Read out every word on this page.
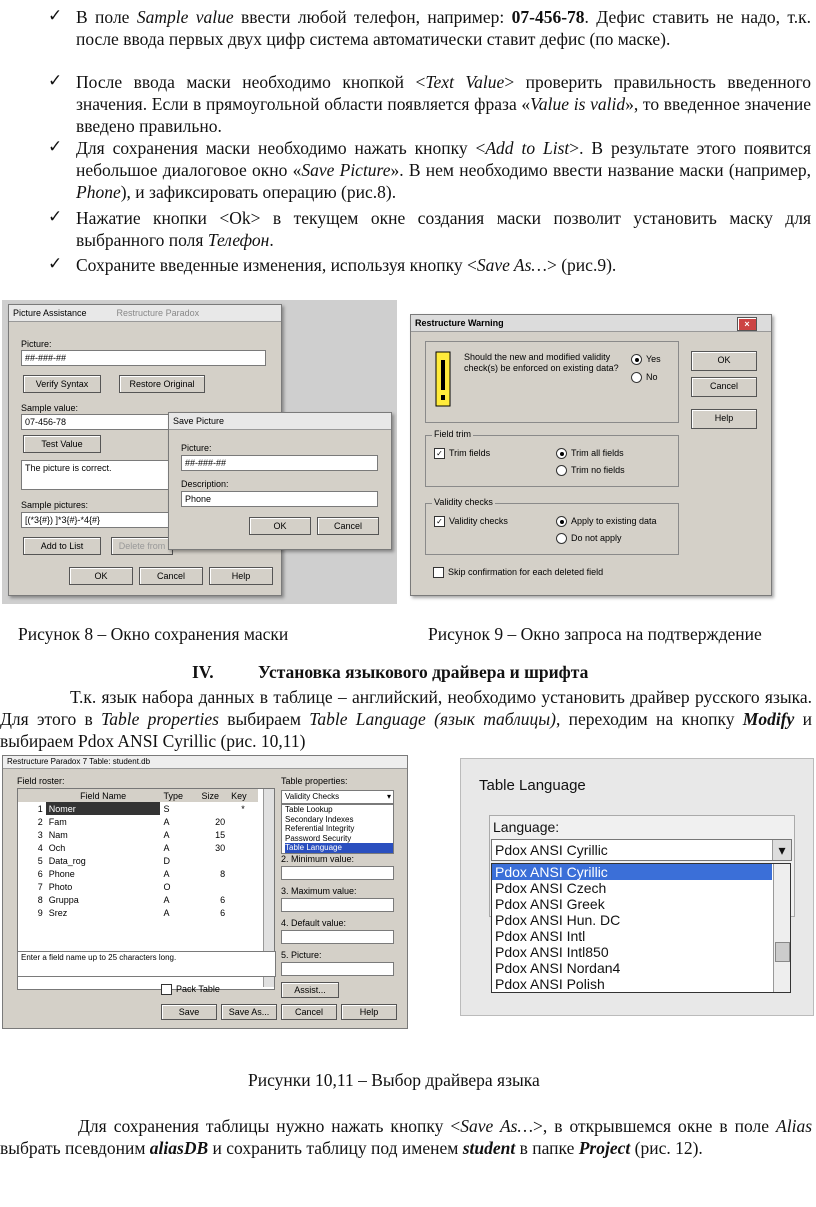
✓ В поле Sample value ввести любой телефон, например: 07-456-78. Дефис ставить не надо, т.к. после ввода первых двух цифр система автоматически ставит дефис (по маске).
✓ После ввода маски необходимо кнопкой <Text Value> проверить правильность введенного значения. Если в прямоугольной области появляется фраза «Value is valid», то введенное значение введено правильно.
✓ Для сохранения маски необходимо нажать кнопку <Add to List>. В результате этого появится небольшое диалоговое окно «Save Picture». В нем необходимо ввести название маски (например, Phone), и зафиксировать операцию (рис.8).
✓ Нажатие кнопки <Ok> в текущем окне создания маски позволит установить маску для выбранного поля Телефон.
✓ Сохраните введенные изменения, используя кнопку <Save As…> (рис.9).
Picture Assistance	Restructure Paradox
Picture:
##-###-##
Verify Syntax	Restore Original
Sample value:
07-456-78
Test Value
The picture is correct.
Sample pictures:
[(*3{#}) ]*3{#}-*4{#}
Add to List	Delete from
OK	Cancel	Help
Save Picture
Picture:
##-###-##
Description:
Phone
OK	Cancel
Restructure Warning	×
Should the new and modified validity check(s) be enforced on existing data?
Yes
No
OK
Cancel
Help
Field trim
✓ Trim fields	Trim all fields
Trim no fields
Validity checks
✓ Validity checks	Apply to existing data
Do not apply
Skip confirmation for each deleted field
Рисунок 8 – Окно сохранения маски	Рисунок 9 – Окно запроса на подтверждение
IV.	Установка языкового драйвера и шрифта
Т.к. язык набора данных в таблице – английский, необходимо установить драйвер русского языка. Для этого в Table properties выбираем Table Language (язык таблицы), переходим на кнопку Modify и выбираем Pdox ANSI Cyrillic (рис. 10,11)
Restructure Paradox 7 Table: student.db
Field roster:
	Field Name	Type	Size	Key
1	Nomer	S		*
2	Fam	A	20	
3	Nam	A	15	
4	Och	A	30	
5	Data_rog	D		
6	Phone	A	8	
7	Photo	O		
8	Gruppa	A	6	
9	Srez	A	6	
Enter a field name up to 25 characters long.
Table properties:
Validity Checks	▾
Table Lookup
Secondary Indexes
Referential Integrity
Password Security
Table Language
2. Minimum value:
3. Maximum value:
4. Default value:
5. Picture:
Pack Table	Assist...
Save	Save As...	Cancel	Help
Table Language
Language:
Pdox ANSI Cyrillic	▾
Pdox ANSI Cyrillic
Pdox ANSI Czech
Pdox ANSI Greek
Pdox ANSI Hun. DC
Pdox ANSI Intl
Pdox ANSI Intl850
Pdox ANSI Nordan4
Pdox ANSI Polish
Рисунки 10,11 – Выбор драйвера языка
Для сохранения таблицы нужно нажать кнопку <Save As…>, в открывшемся окне в поле Alias выбрать псевдоним aliasDB и сохранить таблицу под именем student в папке Project (рис. 12).
